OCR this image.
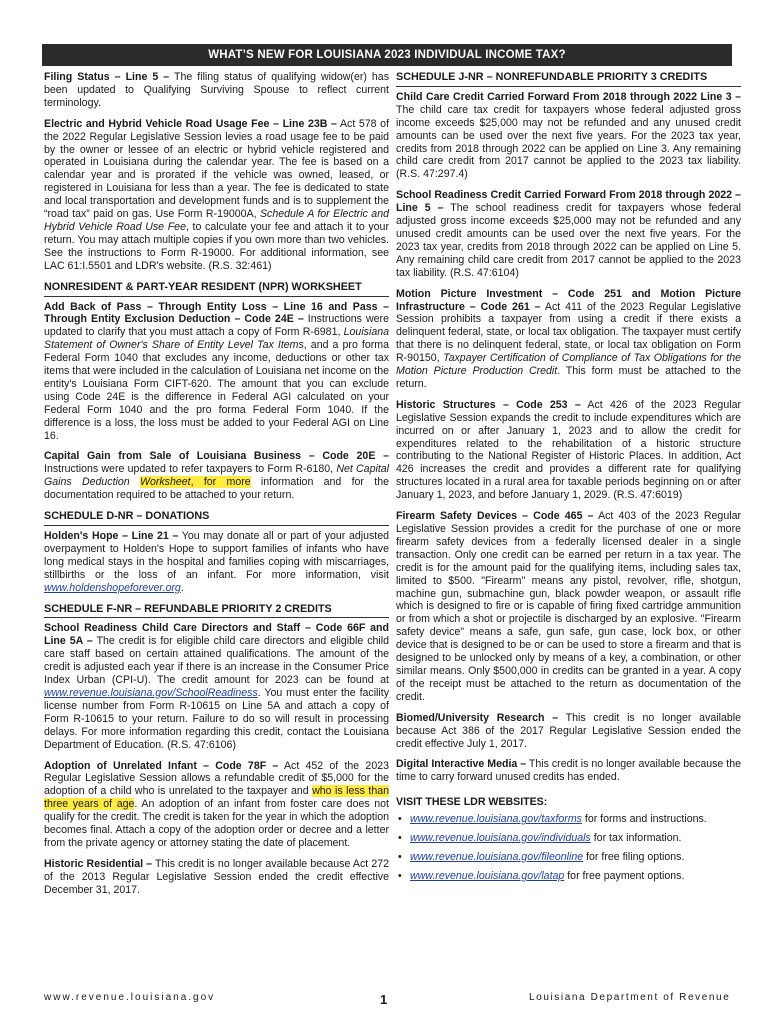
WHAT’S NEW FOR LOUISIANA 2023 INDIVIDUAL INCOME TAX?

Filing Status – Line 5 – The filing status of qualifying widow(er) has been updated to Qualifying Surviving Spouse to reflect current terminology.

Electric and Hybrid Vehicle Road Usage Fee – Line 23B – Act 578 of the 2022 Regular Legislative Session levies a road usage fee to be paid by the owner or lessee of an electric or hybrid vehicle registered and operated in Louisiana during the calendar year. The fee is based on a calendar year and is prorated if the vehicle was owned, leased, or registered in Louisiana for less than a year. The fee is dedicated to state and local transportation and development funds and is to supplement the “road tax” paid on gas. Use Form R-19000A, Schedule A for Electric and Hybrid Vehicle Road Use Fee, to calculate your fee and attach it to your return. You may attach multiple copies if you own more than two vehicles. See the instructions to Form R-19000. For additional information, see LAC 61:I.5501 and LDR's website. (R.S. 32:461)

NONRESIDENT & PART-YEAR RESIDENT (NPR) WORKSHEET

Add Back of Pass – Through Entity Loss – Line 16 and Pass – Through Entity Exclusion Deduction – Code 24E – Instructions were updated to clarify that you must attach a copy of Form R-6981, Louisiana Statement of Owner's Share of Entity Level Tax Items, and a pro forma Federal Form 1040 that excludes any income, deductions or other tax items that were included in the calculation of Louisiana net income on the entity's Louisiana Form CIFT-620. The amount that you can exclude using Code 24E is the difference in Federal AGI calculated on your Federal Form 1040 and the pro forma Federal Form 1040. If the difference is a loss, the loss must be added to your Federal AGI on Line 16.

Capital Gain from Sale of Louisiana Business – Code 20E – Instructions were updated to refer taxpayers to Form R-6180, Net Capital Gains Deduction Worksheet, for more information and for the documentation required to be attached to your return.

SCHEDULE D-NR – DONATIONS

Holden's Hope – Line 21 – You may donate all or part of your adjusted overpayment to Holden's Hope to support families of infants who have long medical stays in the hospital and families coping with miscarriages, stillbirths or the loss of an infant. For more information, visit www.holdenshopeforever.org.

SCHEDULE F-NR – REFUNDABLE PRIORITY 2 CREDITS

School Readiness Child Care Directors and Staff – Code 66F and Line 5A – The credit is for eligible child care directors and eligible child care staff based on certain attained qualifications. The amount of the credit is adjusted each year if there is an increase in the Consumer Price Index Urban (CPI-U). The credit amount for 2023 can be found at www.revenue.louisiana.gov/SchoolReadiness. You must enter the facility license number from Form R-10615 on Line 5A and attach a copy of Form R-10615 to your return. Failure to do so will result in processing delays. For more information regarding this credit, contact the Louisiana Department of Education. (R.S. 47:6106)

Adoption of Unrelated Infant – Code 78F – Act 452 of the 2023 Regular Legislative Session allows a refundable credit of $5,000 for the adoption of a child who is unrelated to the taxpayer and who is less than three years of age. An adoption of an infant from foster care does not qualify for the credit. The credit is taken for the year in which the adoption becomes final. Attach a copy of the adoption order or decree and a letter from the private agency or attorney stating the date of placement.

Historic Residential – This credit is no longer available because Act 272 of the 2013 Regular Legislative Session ended the credit effective December 31, 2017.

SCHEDULE J-NR – NONREFUNDABLE PRIORITY 3 CREDITS

Child Care Credit Carried Forward From 2018 through 2022 Line 3 – The child care tax credit for taxpayers whose federal adjusted gross income exceeds $25,000 may not be refunded and any unused credit amounts can be used over the next five years. For the 2023 tax year, credits from 2018 through 2022 can be applied on Line 3. Any remaining child care credit from 2017 cannot be applied to the 2023 tax liability. (R.S. 47:297.4)

School Readiness Credit Carried Forward From 2018 through 2022 – Line 5 – The school readiness credit for taxpayers whose federal adjusted gross income exceeds $25,000 may not be refunded and any unused credit amounts can be used over the next five years. For the 2023 tax year, credits from 2018 through 2022 can be applied on Line 5. Any remaining child care credit from 2017 cannot be applied to the 2023 tax liability. (R.S. 47:6104)

Motion Picture Investment – Code 251 and Motion Picture Infrastructure – Code 261 – Act 411 of the 2023 Regular Legislative Session prohibits a taxpayer from using a credit if there exists a delinquent federal, state, or local tax obligation. The taxpayer must certify that there is no delinquent federal, state, or local tax obligation on Form R-90150, Taxpayer Certification of Compliance of Tax Obligations for the Motion Picture Production Credit. This form must be attached to the return.

Historic Structures – Code 253 – Act 426 of the 2023 Regular Legislative Session expands the credit to include expenditures which are incurred on or after January 1, 2023 and to allow the credit for expenditures related to the rehabilitation of a historic structure contributing to the National Register of Historic Places. In addition, Act 426 increases the credit and provides a different rate for qualifying structures located in a rural area for taxable periods beginning on or after January 1, 2023, and before January 1, 2029. (R.S. 47:6019)

Firearm Safety Devices – Code 465 – Act 403 of the 2023 Regular Legislative Session provides a credit for the purchase of one or more firearm safety devices from a federally licensed dealer in a single transaction. Only one credit can be earned per return in a tax year. The credit is for the amount paid for the qualifying items, including sales tax, limited to $500. "Firearm" means any pistol, revolver, rifle, shotgun, machine gun, submachine gun, black powder weapon, or assault rifle which is designed to fire or is capable of firing fixed cartridge ammunition or from which a shot or projectile is discharged by an explosive. "Firearm safety device" means a safe, gun safe, gun case, lock box, or other device that is designed to be or can be used to store a firearm and that is designed to be unlocked only by means of a key, a combination, or other similar means. Only $500,000 in credits can be granted in a year. A copy of the receipt must be attached to the return as documentation of the credit.

Biomed/University Research – This credit is no longer available because Act 386 of the 2017 Regular Legislative Session ended the credit effective July 1, 2017.

Digital Interactive Media – This credit is no longer available because the time to carry forward unused credits has ended.

VISIT THESE LDR WEBSITES:
• www.revenue.louisiana.gov/taxforms for forms and instructions.
• www.revenue.louisiana.gov/individuals for tax information.
• www.revenue.louisiana.gov/fileonline for free filing options.
• www.revenue.louisiana.gov/latap for free payment options.
www.revenue.louisiana.gov	1	Louisiana Department of Revenue
